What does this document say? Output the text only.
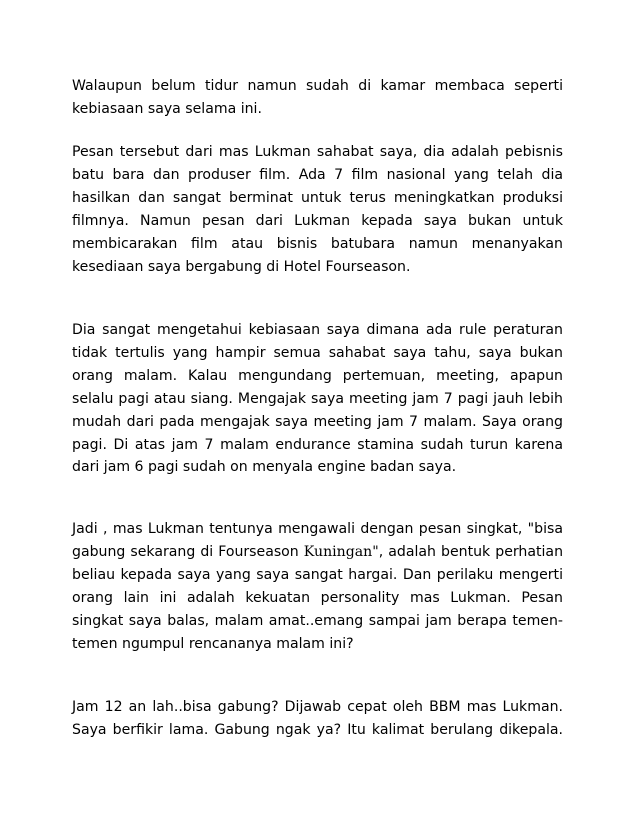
Walaupun belum tidur namun sudah di kamar membaca seperti
kebiasaan saya selama ini.

Pesan tersebut dari mas Lukman sahabat saya, dia adalah pebisnis
batu bara dan produser film. Ada 7 film nasional yang telah dia
hasilkan dan sangat berminat untuk terus meningkatkan produksi
filmnya. Namun pesan dari Lukman kepada saya bukan untuk
membicarakan film atau bisnis batubara namun menanyakan
kesediaan saya bergabung di Hotel Fourseason.

Dia sangat mengetahui kebiasaan saya dimana ada rule peraturan
tidak tertulis yang hampir semua sahabat saya tahu, saya bukan
orang malam. Kalau mengundang pertemuan, meeting, apapun
selalu pagi atau siang. Mengajak saya meeting jam 7 pagi jauh lebih
mudah dari pada mengajak saya meeting jam 7 malam. Saya orang
pagi. Di atas jam 7 malam endurance stamina sudah turun karena
dari jam 6 pagi sudah on menyala engine badan saya.

Jadi , mas Lukman tentunya mengawali dengan pesan singkat, "bisa
gabung sekarang di Fourseason Kuningan", adalah bentuk perhatian
beliau kepada saya yang saya sangat hargai. Dan perilaku mengerti
orang lain ini adalah kekuatan personality mas Lukman. Pesan
singkat saya balas, malam amat..emang sampai jam berapa temen-
temen ngumpul rencananya malam ini?

Jam 12 an lah..bisa gabung? Dijawab cepat oleh BBM mas Lukman.
Saya berfikir lama. Gabung ngak ya? Itu kalimat berulang dikepala.
